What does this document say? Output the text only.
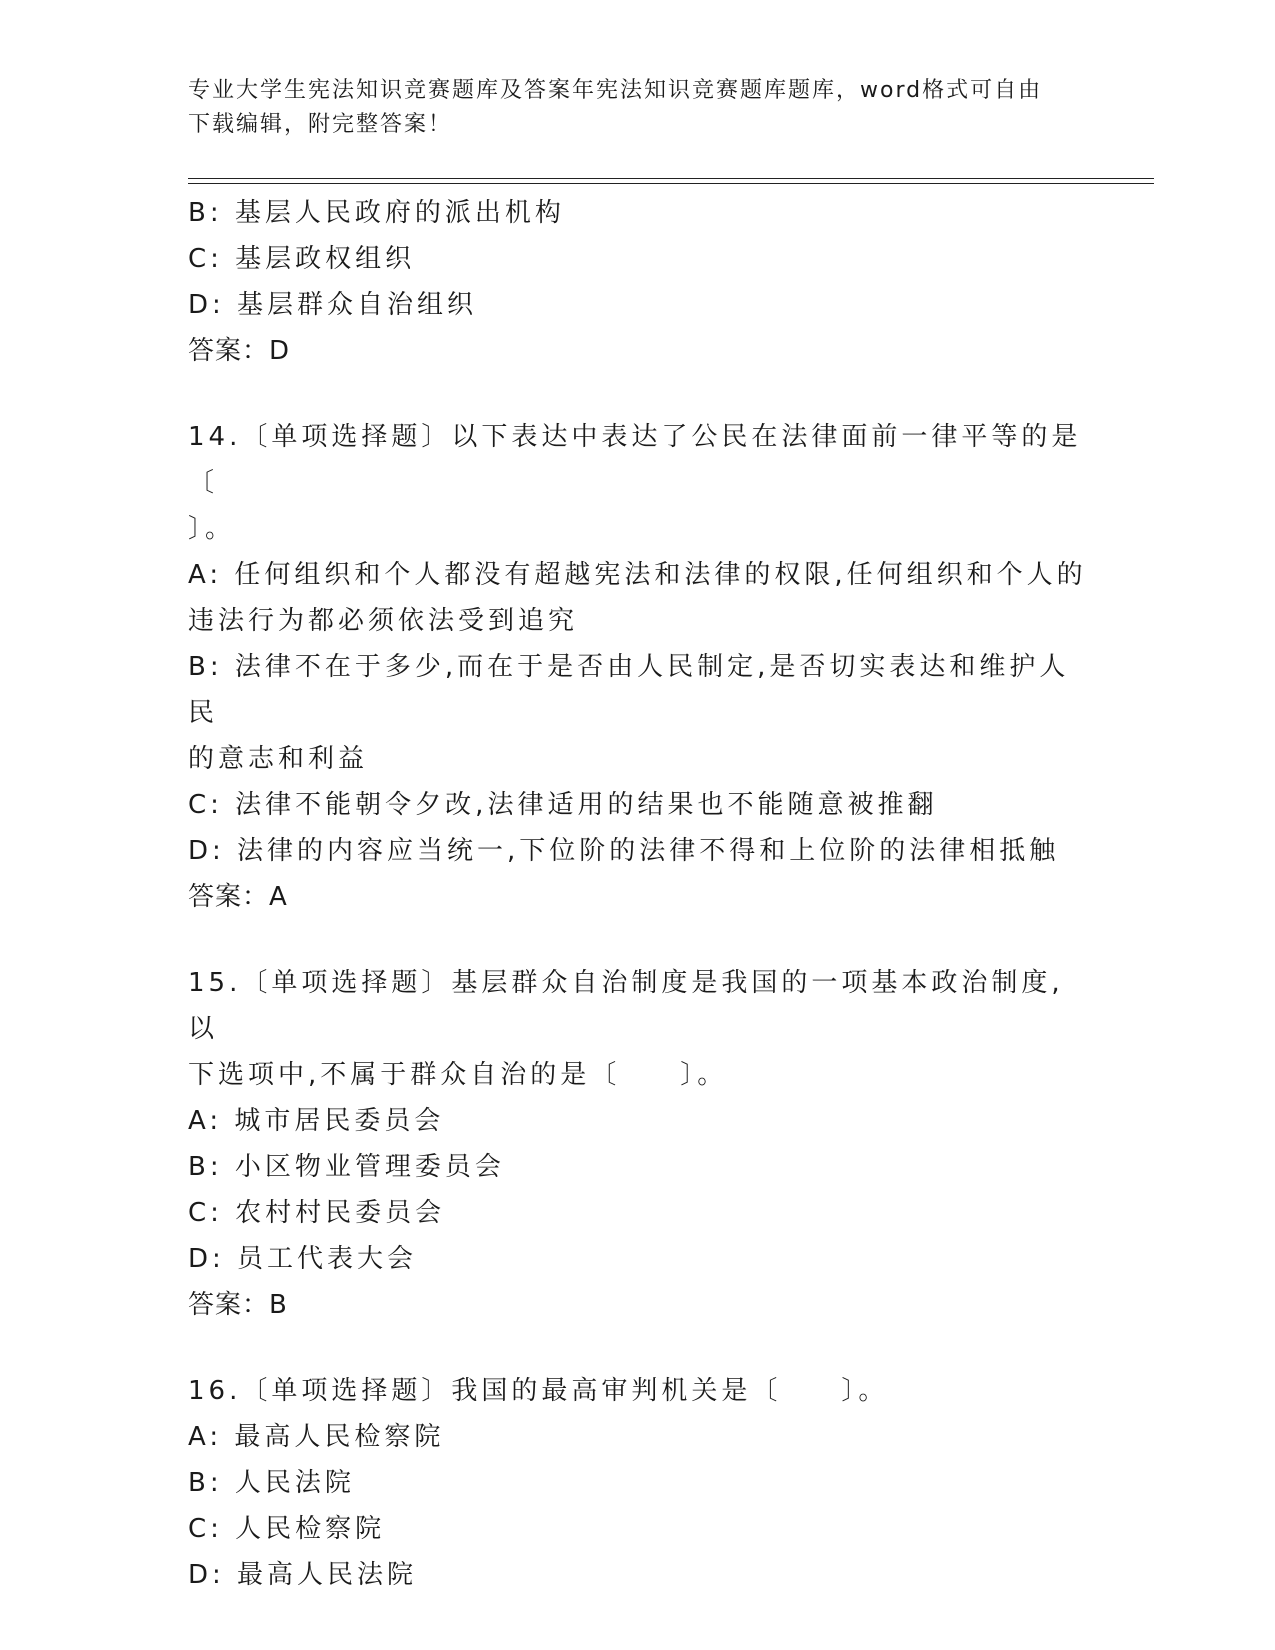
专业大学生宪法知识竞赛题库及答案年宪法知识竞赛题库题库，word格式可自由
下载编辑，附完整答案！

B: 基层人民政府的派出机构

C: 基层政权组织

D: 基层群众自治组织

答案：D

14.〔单项选择题〕以下表达中表达了公民在法律面前一律平等的是〔

〕。

A: 任何组织和个人都没有超越宪法和法律的权限,任何组织和个人的

违法行为都必须依法受到追究

B: 法律不在于多少,而在于是否由人民制定,是否切实表达和维护人民

的意志和利益

C: 法律不能朝令夕改,法律适用的结果也不能随意被推翻

D: 法律的内容应当统一,下位阶的法律不得和上位阶的法律相抵触

答案：A

15.〔单项选择题〕基层群众自治制度是我国的一项基本政治制度,以

下选项中,不属于群众自治的是〔　　〕。

A: 城市居民委员会

B: 小区物业管理委员会

C: 农村村民委员会

D: 员工代表大会

答案：B

16.〔单项选择题〕我国的最高审判机关是〔　　〕。

A: 最高人民检察院

B: 人民法院

C: 人民检察院

D: 最高人民法院
